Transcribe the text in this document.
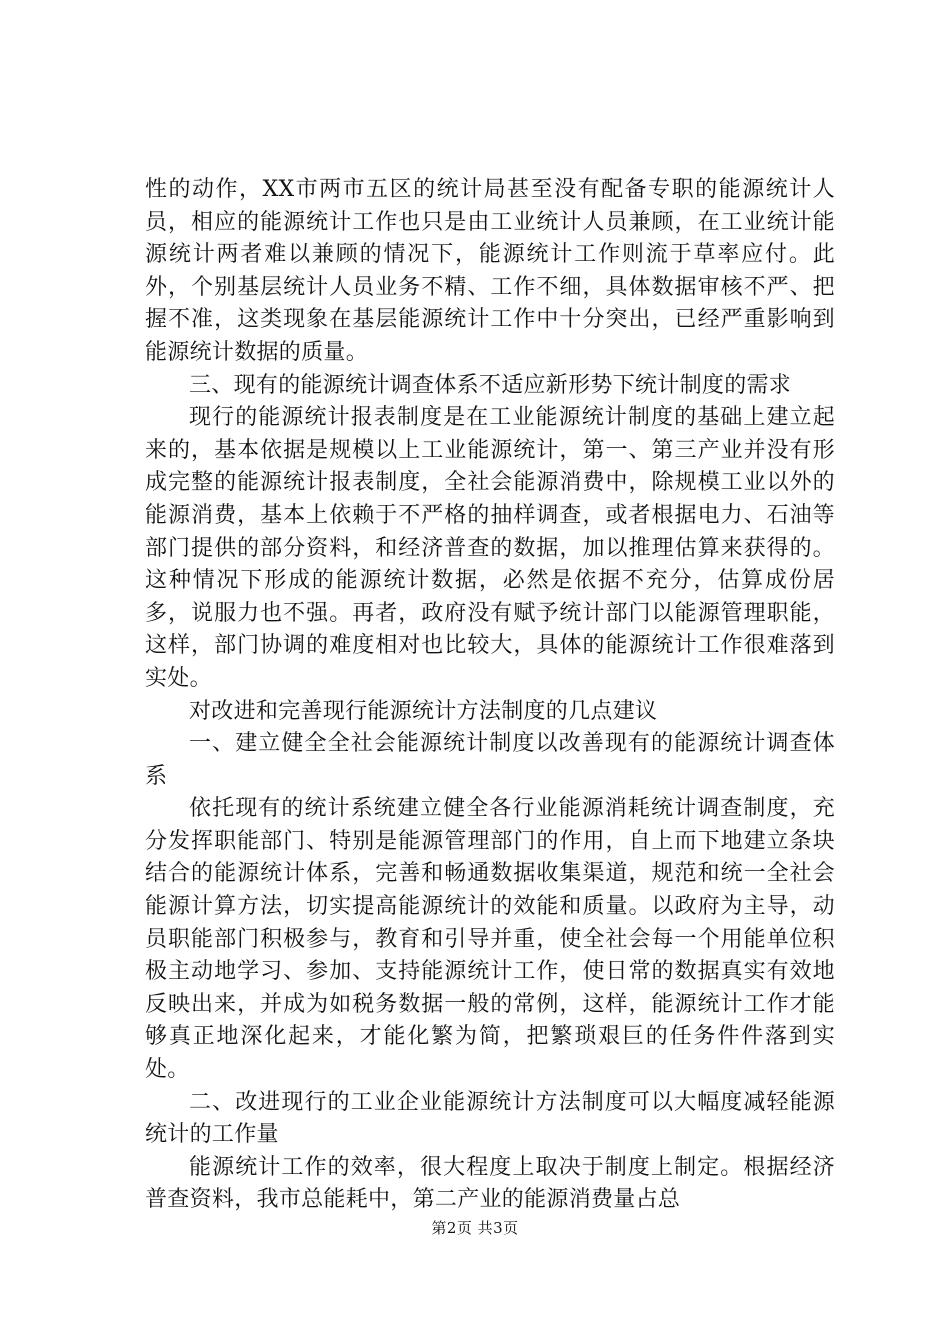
性的动作，XX市两市五区的统计局甚至没有配备专职的能源统计人员，相应的能源统计工作也只是由工业统计人员兼顾，在工业统计能源统计两者难以兼顾的情况下，能源统计工作则流于草率应付。此外，个别基层统计人员业务不精、工作不细，具体数据审核不严、把握不准，这类现象在基层能源统计工作中十分突出，已经严重影响到能源统计数据的质量。

三、现有的能源统计调查体系不适应新形势下统计制度的需求

现行的能源统计报表制度是在工业能源统计制度的基础上建立起来的，基本依据是规模以上工业能源统计，第一、第三产业并没有形成完整的能源统计报表制度，全社会能源消费中，除规模工业以外的能源消费，基本上依赖于不严格的抽样调查，或者根据电力、石油等部门提供的部分资料，和经济普查的数据，加以推理估算来获得的。这种情况下形成的能源统计数据，必然是依据不充分，估算成份居多，说服力也不强。再者，政府没有赋予统计部门以能源管理职能，这样，部门协调的难度相对也比较大，具体的能源统计工作很难落到实处。

对改进和完善现行能源统计方法制度的几点建议

一、建立健全全社会能源统计制度以改善现有的能源统计调查体系

依托现有的统计系统建立健全各行业能源消耗统计调查制度，充分发挥职能部门、特别是能源管理部门的作用，自上而下地建立条块结合的能源统计体系，完善和畅通数据收集渠道，规范和统一全社会能源计算方法，切实提高能源统计的效能和质量。以政府为主导，动员职能部门积极参与，教育和引导并重，使全社会每一个用能单位积极主动地学习、参加、支持能源统计工作，使日常的数据真实有效地反映出来，并成为如税务数据一般的常例，这样，能源统计工作才能够真正地深化起来，才能化繁为简，把繁琐艰巨的任务件件落到实处。

二、改进现行的工业企业能源统计方法制度可以大幅度减轻能源统计的工作量

能源统计工作的效率，很大程度上取决于制度上制定。根据经济普查资料，我市总能耗中，第二产业的能源消费量占总

第2页 共3页
